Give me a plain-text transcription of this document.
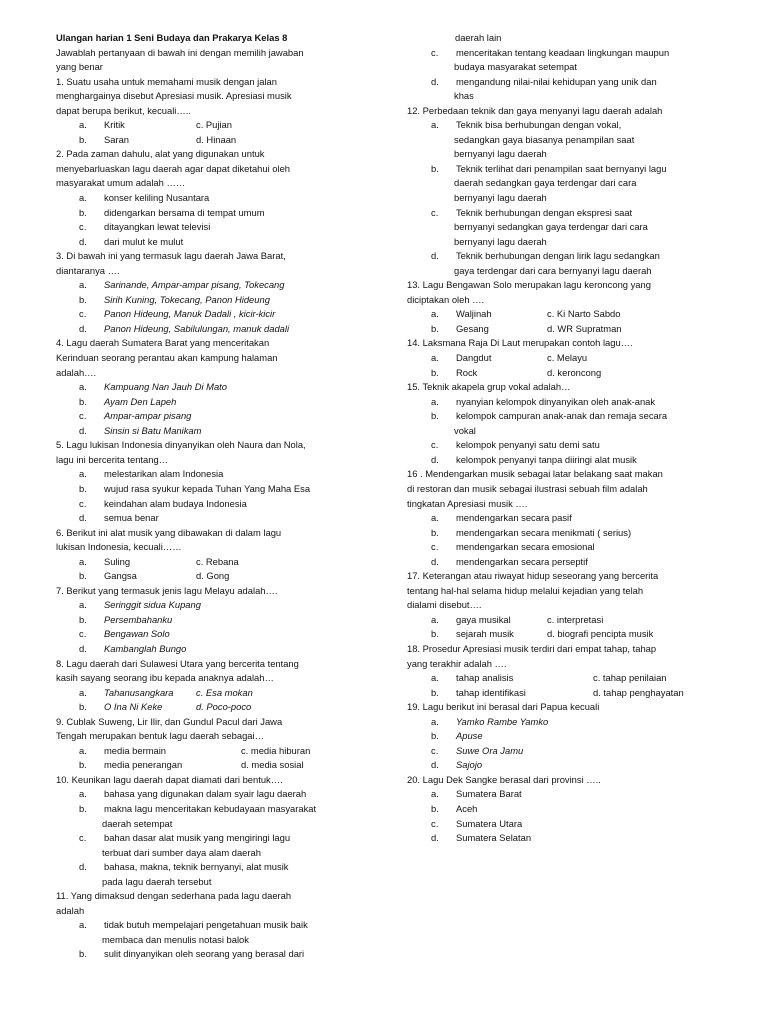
Ulangan harian 1 Seni Budaya dan Prakarya Kelas 8
Jawablah pertanyaan di bawah ini dengan memilih jawaban
yang benar
1. Suatu usaha untuk memahami musik dengan jalan
menghargainya disebut Apresiasi musik. Apresiasi musik
dapat berupa berikut, kecuali…..
a. Kritik	c. Pujian
b. Saran	d. Hinaan
2. Pada zaman dahulu, alat yang digunakan untuk
menyebarluaskan lagu daerah agar dapat diketahui oleh
masyarakat umum adalah ……
a. konser keliling Nusantara
b. didengarkan bersama di tempat umum
c. ditayangkan lewat televisi
d. dari mulut ke mulut
3. Di bawah ini yang termasuk lagu daerah Jawa Barat,
diantaranya ….
a. Sarinande, Ampar-ampar pisang, Tokecang
b. Sirih Kuning, Tokecang, Panon Hideung
c. Panon Hideung, Manuk Dadali , kicir-kicir
d. Panon Hideung, Sabilulungan, manuk dadali
4. Lagu daerah Sumatera Barat yang menceritakan
Kerinduan seorang perantau akan kampung halaman
adalah….
a. Kampuang Nan Jauh Di Mato
b. Ayam Den Lapeh
c. Ampar-ampar pisang
d. Sinsin si Batu Manikam
5. Lagu lukisan Indonesia dinyanyikan oleh Naura dan Nola,
lagu ini bercerita tentang…
a. melestarikan alam Indonesia
b. wujud rasa syukur kepada Tuhan Yang Maha Esa
c. keindahan alam budaya Indonesia
d. semua benar
6. Berikut ini alat musik yang dibawakan di dalam lagu
lukisan Indonesia, kecuali……
a. Suling	c. Rebana
b. Gangsa	d. Gong
7. Berikut yang termasuk jenis lagu Melayu adalah….
a. Seringgit sidua Kupang
b. Persembahanku
c. Bengawan Solo
d. Kambanglah Bungo
8. Lagu daerah dari Sulawesi Utara yang bercerita tentang
kasih sayang seorang ibu kepada anaknya adalah…
a. Tahanusangkara c. Esa mokan
b. O Ina Ni Keke	d. Poco-poco
9. Cublak Suweng, Lir Ilir, dan Gundul Pacul dari Jawa
Tengah merupakan bentuk lagu daerah sebagai…
a. media bermain	c. media hiburan
b. media penerangan	d. media sosial
10. Keunikan lagu daerah dapat diamati dari bentuk….
a. bahasa yang digunakan dalam syair lagu daerah
b. makna lagu menceritakan kebudayaan masyarakat
daerah setempat
c. bahan dasar alat musik yang mengiringi lagu
terbuat dari sumber daya alam daerah
d. bahasa, makna, teknik bernyanyi, alat musik
pada lagu daerah tersebut
11. Yang dimaksud dengan sederhana pada lagu daerah
adalah
a. tidak butuh mempelajari pengetahuan musik baik
membaca dan menulis notasi balok
b. sulit dinyanyikan oleh seorang yang berasal dari
daerah lain
c. menceritakan tentang keadaan lingkungan maupun
budaya masyarakat setempat
d. mengandung nilai-nilai kehidupan yang unik dan
khas
12. Perbedaan teknik dan gaya menyanyi lagu daerah adalah
a. Teknik bisa berhubungan dengan vokal,
sedangkan gaya biasanya penampilan saat
bernyanyi lagu daerah
b. Teknik terlihat dari penampilan saat bernyanyi lagu
daerah sedangkan gaya terdengar dari cara
bernyanyi lagu daerah
c. Teknik berhubungan dengan ekspresi saat
bernyanyi sedangkan gaya terdengar dari cara
bernyanyi lagu daerah
d. Teknik berhubungan dengan lirik lagu sedangkan
gaya terdengar dari cara bernyanyi lagu daerah
13. Lagu Bengawan Solo merupakan lagu keroncong yang
diciptakan oleh ….
a. Waljinah	c. Ki Narto Sabdo
b. Gesang	d. WR Supratman
14. Laksmana Raja Di Laut merupakan contoh lagu….
a. Dangdut	c. Melayu
b. Rock	d. keroncong
15. Teknik akapela grup vokal adalah…
a. nyanyian kelompok dinyanyikan oleh anak-anak
b. kelompok campuran anak-anak dan remaja secara
vokal
c. kelompok penyanyi satu demi satu
d. kelompok penyanyi tanpa diiringi alat musik
16 . Mendengarkan musik sebagai latar belakang saat makan
di restoran dan musik sebagai ilustrasi sebuah film adalah
tingkatan Apresiasi musik ….
a. mendengarkan secara pasif
b. mendengarkan secara menikmati ( serius)
c. mendengarkan secara emosional
d. mendengarkan secara perseptif
17. Keterangan atau riwayat hidup seseorang yang bercerita
tentang hal-hal selama hidup melalui kejadian yang telah
dialami disebut….
a. gaya musikal	c. interpretasi
b. sejarah musik	d. biografi pencipta musik
18. Prosedur Apresiasi musik terdiri dari empat tahap, tahap
yang terakhir adalah ….
a. tahap analisis	c. tahap penilaian
b. tahap identifikasi	d. tahap penghayatan
19. Lagu berikut ini berasal dari Papua kecuali
a. Yamko Rambe Yamko
b. Apuse
c. Suwe Ora Jamu
d. Sajojo
20. Lagu Dek Sangke berasal dari provinsi …..
a. Sumatera Barat
b. Aceh
c. Sumatera Utara
d. Sumatera Selatan
